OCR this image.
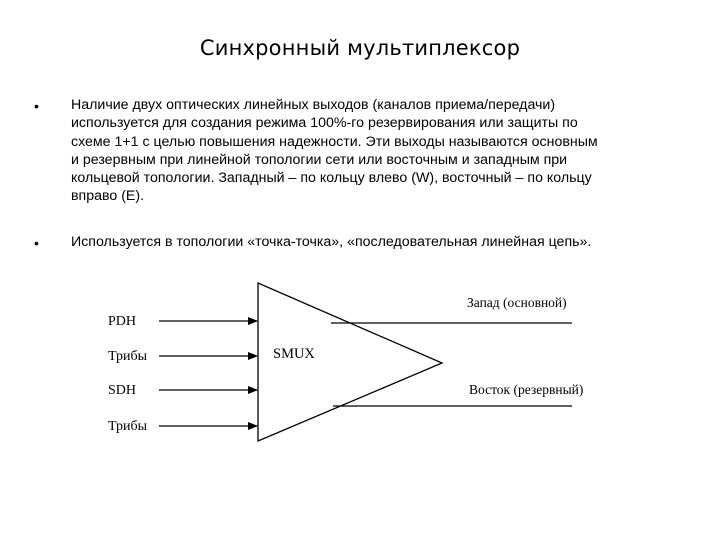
Синхронный мультиплексор
• Наличие двух оптических линейных выходов (каналов приема/передачи)
используется для создания режима 100%-го резервирования или защиты по
схеме 1+1 с целью повышения надежности. Эти выходы называются основным
и резервным при линейной топологии сети или восточным и западным при
кольцевой топологии. Западный – по кольцу влево (W), восточный – по кольцу
вправо (E).
• Используется в топологии «точка-точка», «последовательная линейная цепь».
SMUX
PDH
Трибы
SDH
Трибы
Запад (основной)
Восток (резервный)
